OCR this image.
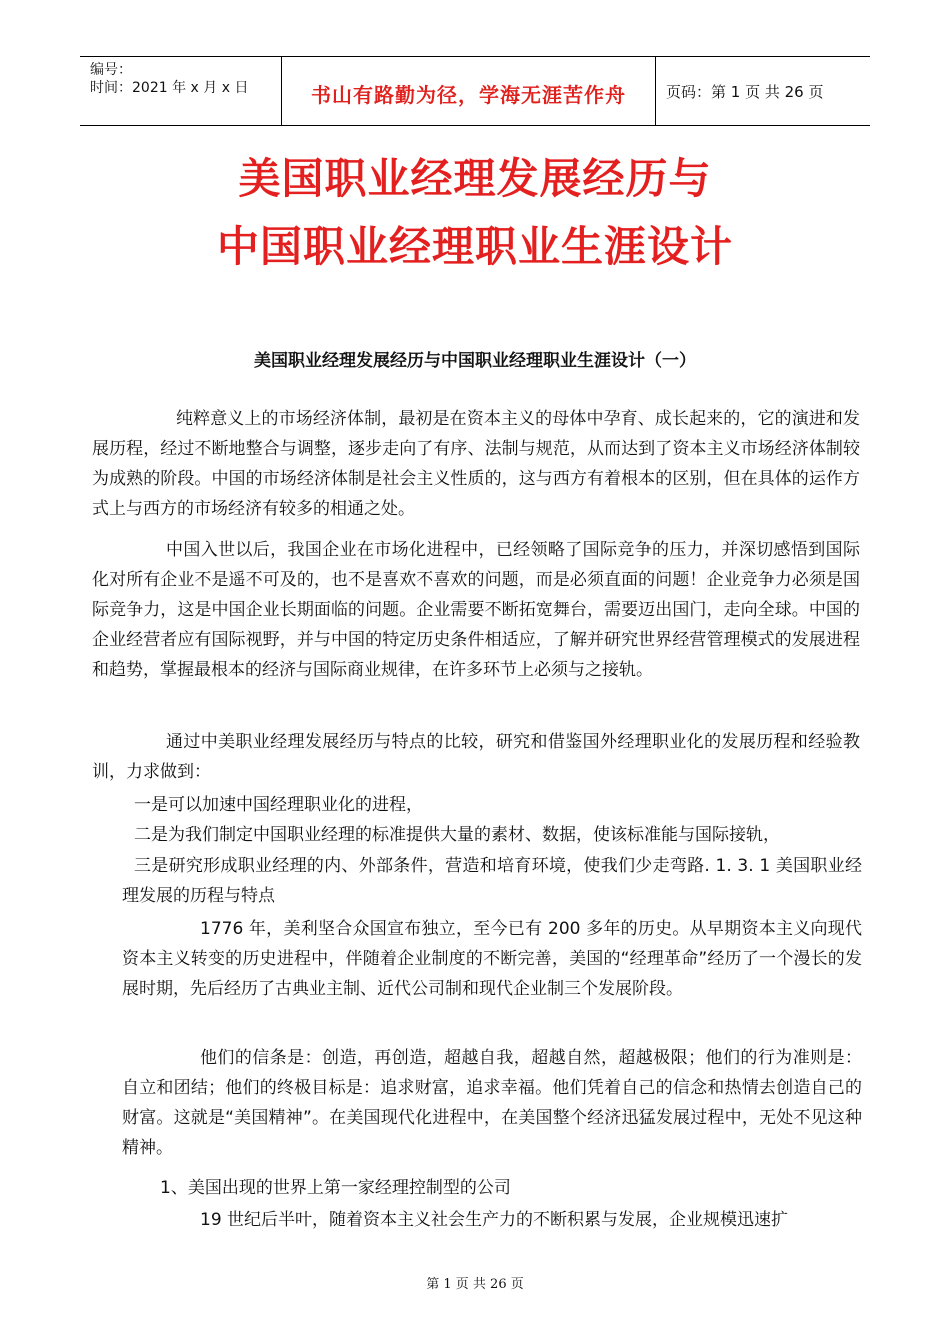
编号：
时间：2021 年 x 月 x 日	书山有路勤为径，学海无涯苦作舟	页码：第 1 页 共 26 页
美国职业经理发展经历与
中国职业经理职业生涯设计
美国职业经理发展经历与中国职业经理职业生涯设计（一）

纯粹意义上的市场经济体制，最初是在资本主义的母体中孕育、成长起来的，它的演进和发展历程，经过不断地整合与调整，逐步走向了有序、法制与规范，从而达到了资本主义市场经济体制较为成熟的阶段。中国的市场经济体制是社会主义性质的，这与西方有着根本的区别，但在具体的运作方式上与西方的市场经济有较多的相通之处。

中国入世以后，我国企业在市场化进程中，已经领略了国际竞争的压力，并深切感悟到国际化对所有企业不是遥不可及的，也不是喜欢不喜欢的问题，而是必须直面的问题！企业竞争力必须是国际竞争力，这是中国企业长期面临的问题。企业需要不断拓宽舞台，需要迈出国门，走向全球。中国的企业经营者应有国际视野，并与中国的特定历史条件相适应，了解并研究世界经营管理模式的发展进程和趋势，掌握最根本的经济与国际商业规律，在许多环节上必须与之接轨。

通过中美职业经理发展经历与特点的比较，研究和借鉴国外经理职业化的发展历程和经验教训，力求做到：

一是可以加速中国经理职业化的进程，

二是为我们制定中国职业经理的标准提供大量的素材、数据，使该标准能与国际接轨，

三是研究形成职业经理的内、外部条件，营造和培育环境，使我们少走弯路. 1. 3. 1 美国职业经理发展的历程与特点

1776 年，美利坚合众国宣布独立，至今已有 200 多年的历史。从早期资本主义向现代资本主义转变的历史进程中，伴随着企业制度的不断完善，美国的“经理革命”经历了一个漫长的发展时期，先后经历了古典业主制、近代公司制和现代企业制三个发展阶段。

他们的信条是：创造，再创造，超越自我，超越自然，超越极限；他们的行为准则是：自立和团结；他们的终极目标是：追求财富，追求幸福。他们凭着自己的信念和热情去创造自己的财富。这就是“美国精神”。在美国现代化进程中，在美国整个经济迅猛发展过程中，无处不见这种精神。

1、美国出现的世界上第一家经理控制型的公司

19 世纪后半叶，随着资本主义社会生产力的不断积累与发展，企业规模迅速扩

第 1 页 共 26 页
